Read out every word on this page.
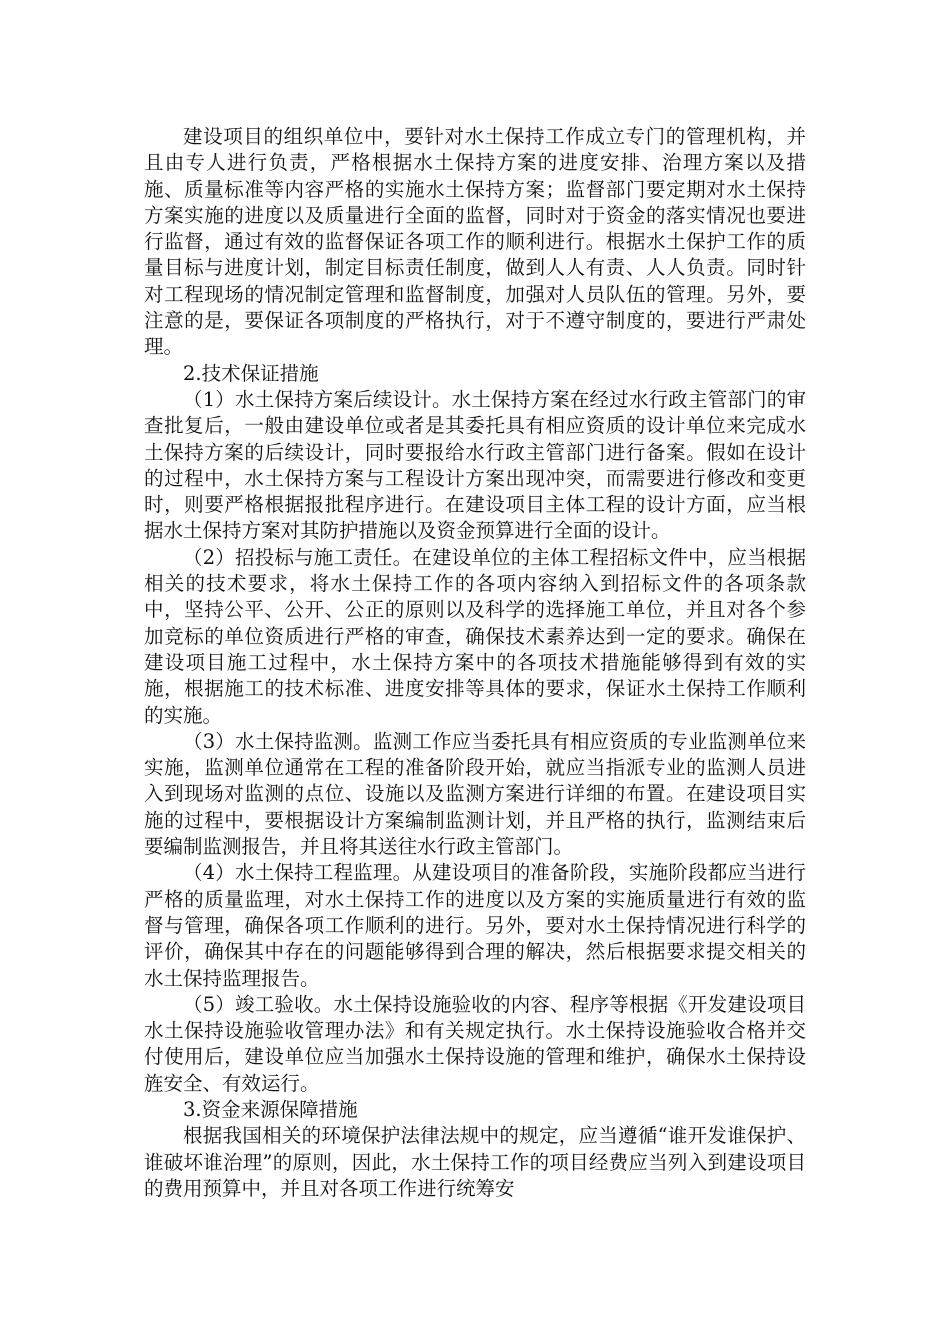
建设项目的组织单位中，要针对水土保持工作成立专门的管理机构，并且由专人进行负责，严格根据水土保持方案的进度安排、治理方案以及措施、质量标准等内容严格的实施水土保持方案；监督部门要定期对水土保持方案实施的进度以及质量进行全面的监督，同时对于资金的落实情况也要进行监督，通过有效的监督保证各项工作的顺利进行。根据水土保护工作的质量目标与进度计划，制定目标责任制度，做到人人有责、人人负责。同时针对工程现场的情况制定管理和监督制度，加强对人员队伍的管理。另外，要注意的是，要保证各项制度的严格执行，对于不遵守制度的，要进行严肃处理。

2.技术保证措施

（1）水土保持方案后续设计。水土保持方案在经过水行政主管部门的审查批复后，一般由建设单位或者是其委托具有相应资质的设计单位来完成水土保持方案的后续设计，同时要报给水行政主管部门进行备案。假如在设计的过程中，水土保持方案与工程设计方案出现冲突，而需要进行修改和变更时，则要严格根据报批程序进行。在建设项目主体工程的设计方面，应当根据水土保持方案对其防护措施以及资金预算进行全面的设计。

（2）招投标与施工责任。在建设单位的主体工程招标文件中，应当根据相关的技术要求，将水土保持工作的各项内容纳入到招标文件的各项条款中，坚持公平、公开、公正的原则以及科学的选择施工单位，并且对各个参加竞标的单位资质进行严格的审查，确保技术素养达到一定的要求。确保在建设项目施工过程中，水土保持方案中的各项技术措施能够得到有效的实施，根据施工的技术标准、进度安排等具体的要求，保证水土保持工作顺利的实施。

（3）水土保持监测。监测工作应当委托具有相应资质的专业监测单位来实施，监测单位通常在工程的准备阶段开始，就应当指派专业的监测人员进入到现场对监测的点位、设施以及监测方案进行详细的布置。在建设项目实施的过程中，要根据设计方案编制监测计划，并且严格的执行，监测结束后要编制监测报告，并且将其送往水行政主管部门。

（4）水土保持工程监理。从建设项目的准备阶段，实施阶段都应当进行严格的质量监理，对水土保持工作的进度以及方案的实施质量进行有效的监督与管理，确保各项工作顺利的进行。另外，要对水土保持情况进行科学的评价，确保其中存在的问题能够得到合理的解决，然后根据要求提交相关的水土保持监理报告。

（5）竣工验收。水土保持设施验收的内容、程序等根据《开发建设项目水土保持设施验收管理办法》和有关规定执行。水土保持设施验收合格并交付使用后，建设单位应当加强水土保持设施的管理和维护，确保水土保持设旌安全、有效运行。

3.资金来源保障措施

根据我国相关的环境保护法律法规中的规定，应当遵循“谁开发谁保护、谁破坏谁治理”的原则，因此，水土保持工作的项目经费应当列入到建设项目的费用预算中，并且对各项工作进行统筹安
